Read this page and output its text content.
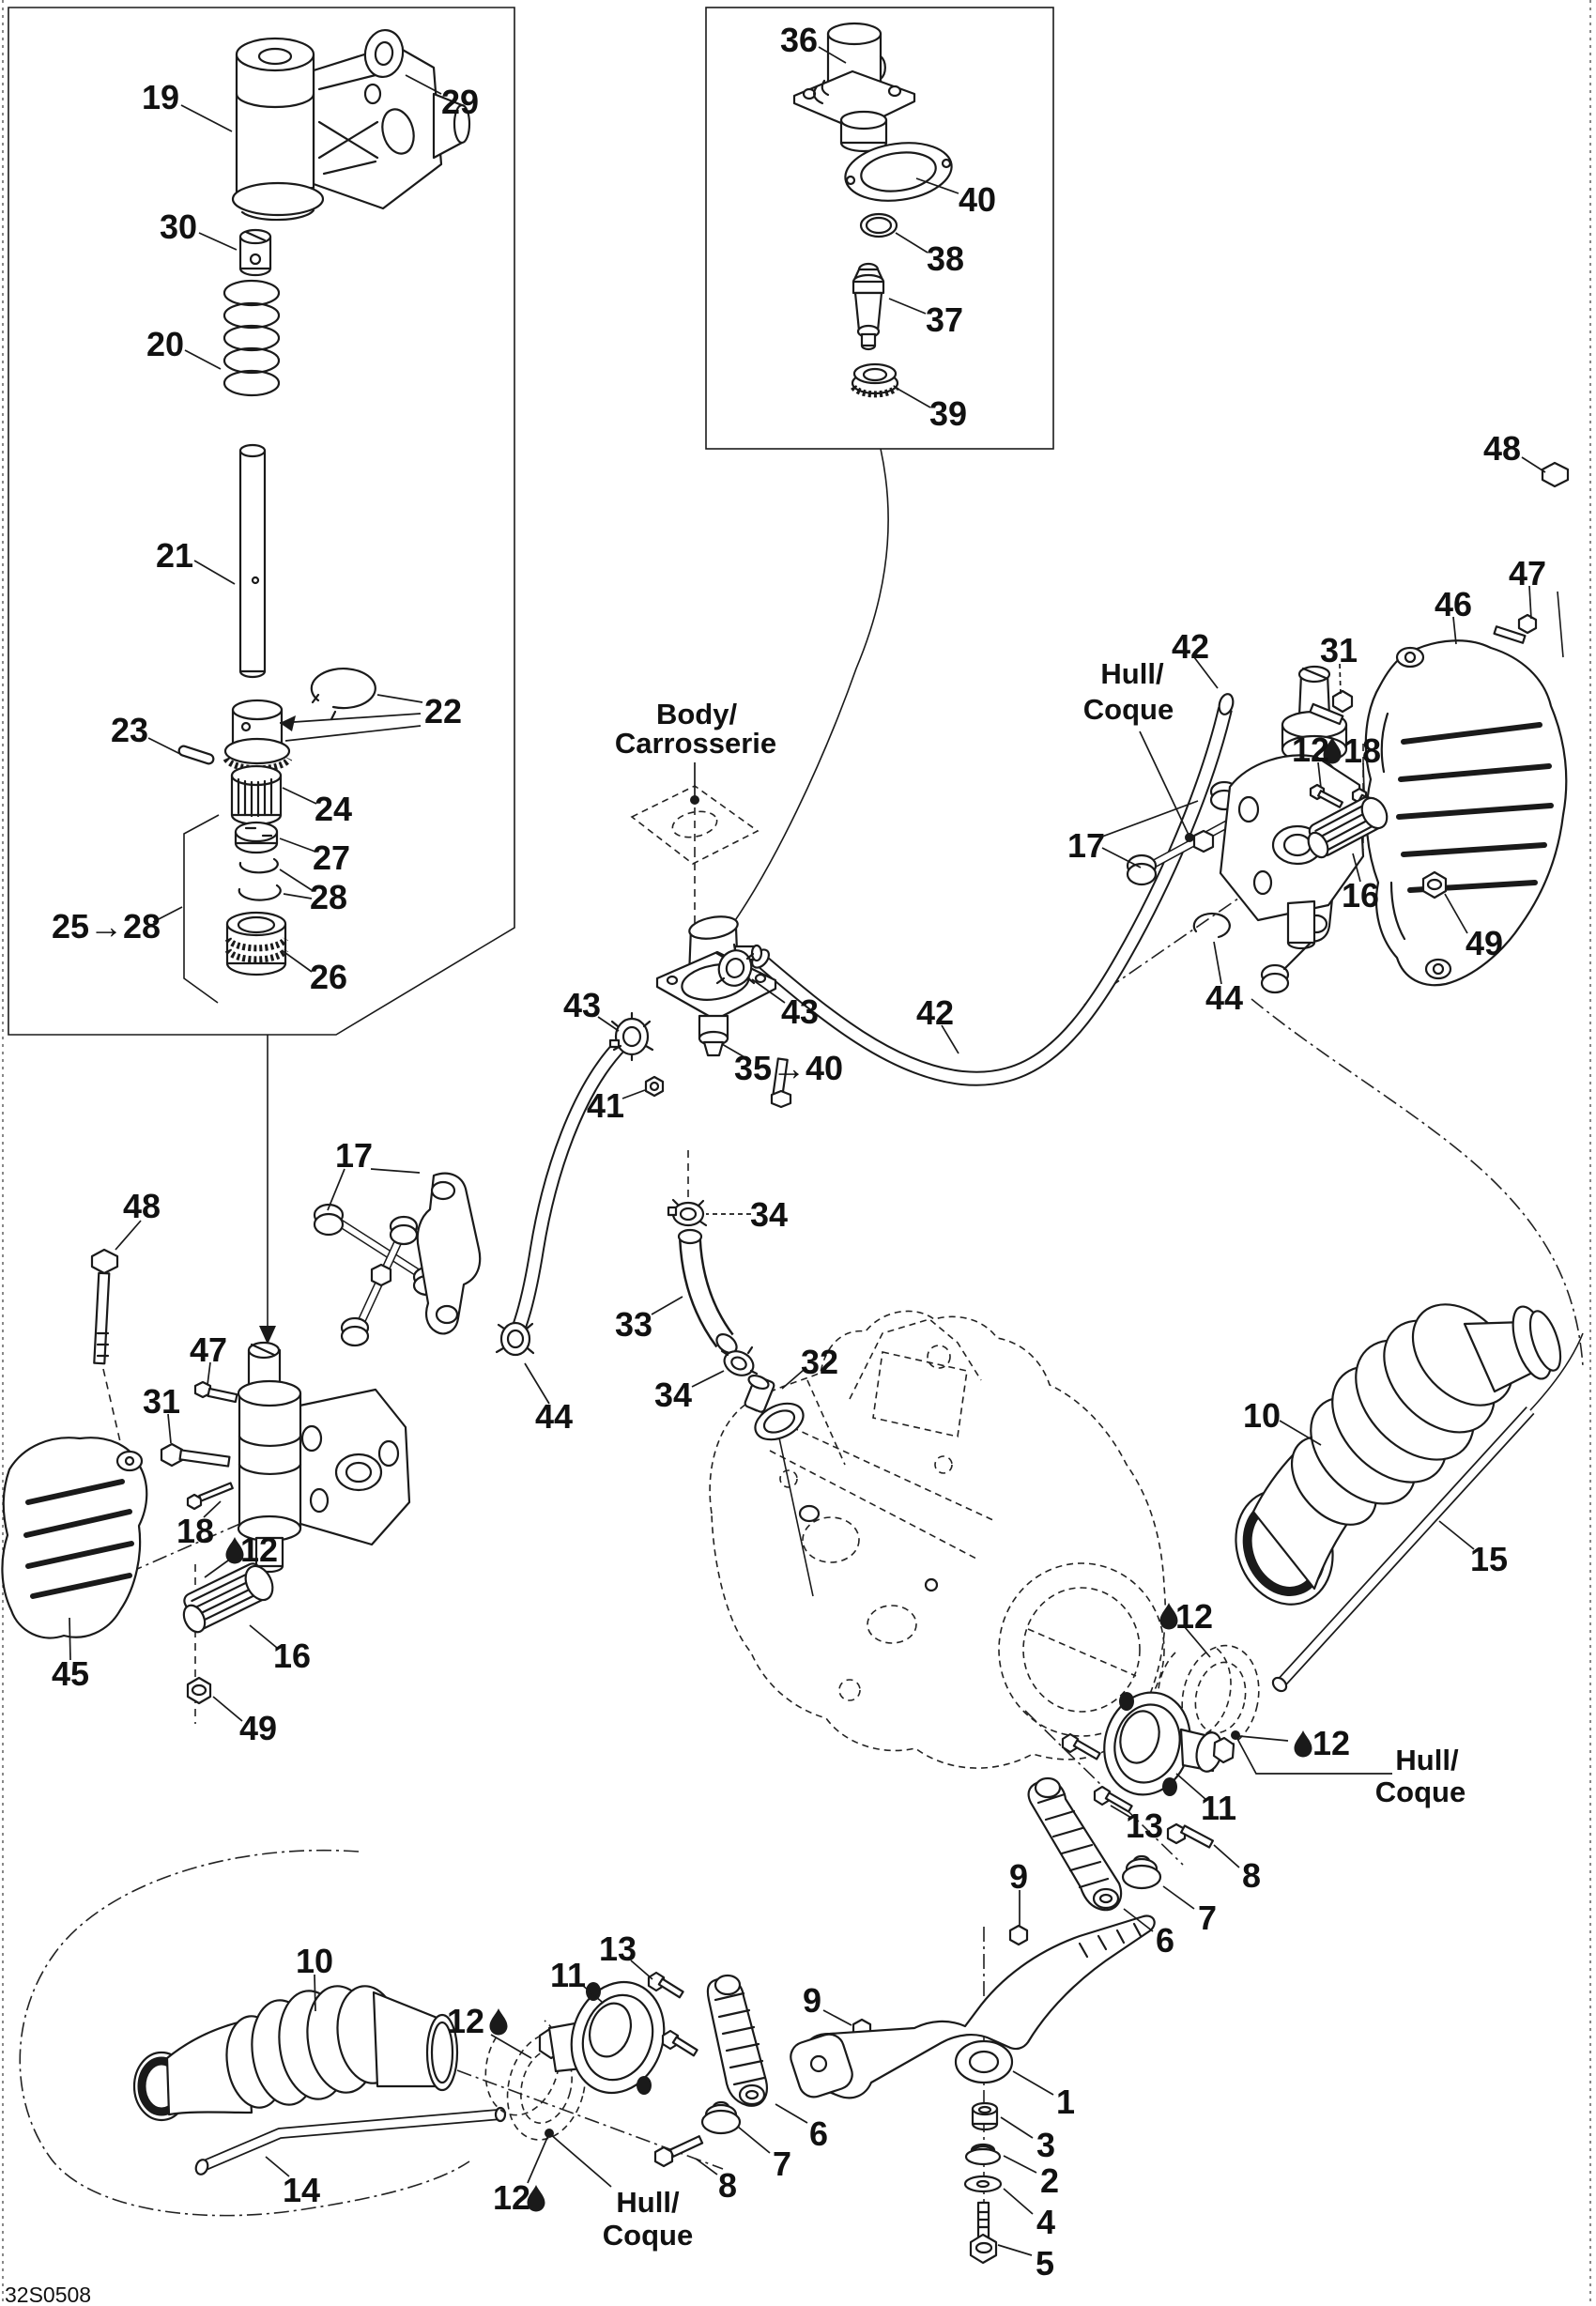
19	29
30
20
21
23	22
24
27
28
25→28
26
36
40
38
37
39
Body/
Carrosserie
43	43	42
35→40
41
34
33
34
32
44
42
Hull/
Coque
17
31
12 18
16
49
44
46
47
48
17
48
47
31
18 12
16
49
45
10
15
12
12 Hull/
Coque
11
13
8
7
6
9
1
3
2
4
5
9
10
12
14
13
11
12	Hull/
Coque
6
7
8
32S0508
